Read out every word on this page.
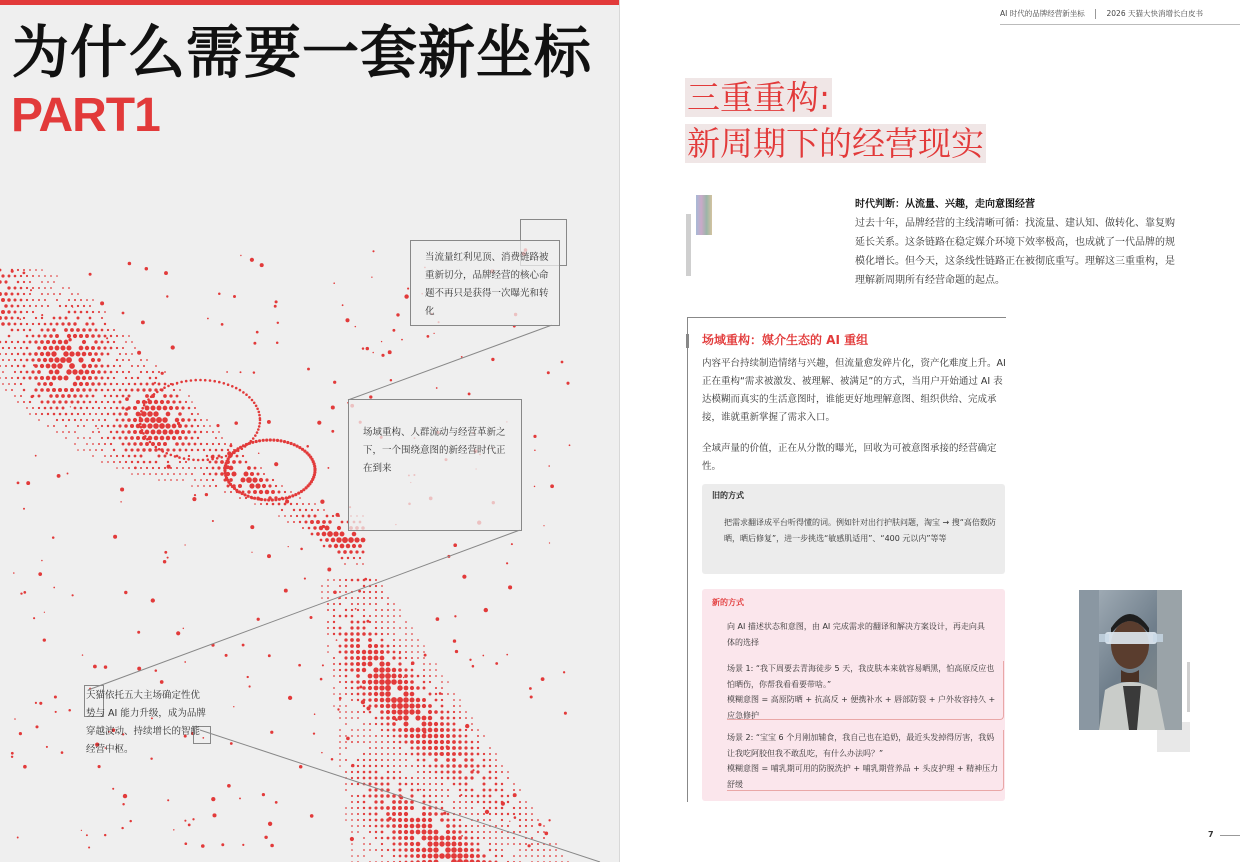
为什么需要一套新坐标
PART1
当流量红利见顶、消费链路被重新切分，品牌经营的核心命题不再只是获得一次曝光和转化
场域重构、人群流动与经营革新之下，一个围绕意图的新经营时代正在到来
天猫依托五大主场确定性优势与 AI 能力升级，成为品牌穿越波动、持续增长的智能经营中枢。
AI 时代的品牌经营新坐标	2026 天猫大快消增长白皮书
三重重构:
新周期下的经营现实

时代判断：从流量、兴趣，走向意图经营

过去十年，品牌经营的主线清晰可循：找流量、建认知、做转化、靠复购延长关系。这条链路在稳定媒介环境下效率极高，也成就了一代品牌的规模化增长。但今天，这条线性链路正在被彻底重写。理解这三重重构，是理解新周期所有经营命题的起点。

场域重构：媒介生态的 AI 重组

内容平台持续制造情绪与兴趣，但流量愈发碎片化，资产化难度上升。AI 正在重构“需求被激发、被理解、被满足”的方式，当用户开始通过 AI 表达模糊而真实的生活意图时，谁能更好地理解意图、组织供给、完成承接，谁就重新掌握了需求入口。

全域声量的价值，正在从分散的曝光，回收为可被意图承接的经营确定性。

旧的方式

把需求翻译成平台听得懂的词。例如针对出行护肤问题，淘宝 → 搜“高倍数防晒，晒后修复”，进一步挑选“敏感肌适用”、“400 元以内”等等

新的方式

向 AI 描述状态和意图，由 AI 完成需求的翻译和解决方案设计，再走向具体的选择

场景 1: “我下周要去青海徒步 5 天，我皮肤本来就容易晒黑，怕高原反应也怕晒伤，你帮我看看要带啥。”

模糊意图 = 高原防晒 + 抗高反 + 便携补水 + 唇部防裂 + 户外妆容持久 + 应急修护

场景 2: “宝宝 6 个月刚加辅食，我自己也在追奶，最近头发掉得厉害，我妈让我吃阿胶但我不敢乱吃，有什么办法吗？”

模糊意图 = 哺乳期可用的防脱洗护 + 哺乳期营养品 + 头皮护理 + 精神压力舒缓

7
